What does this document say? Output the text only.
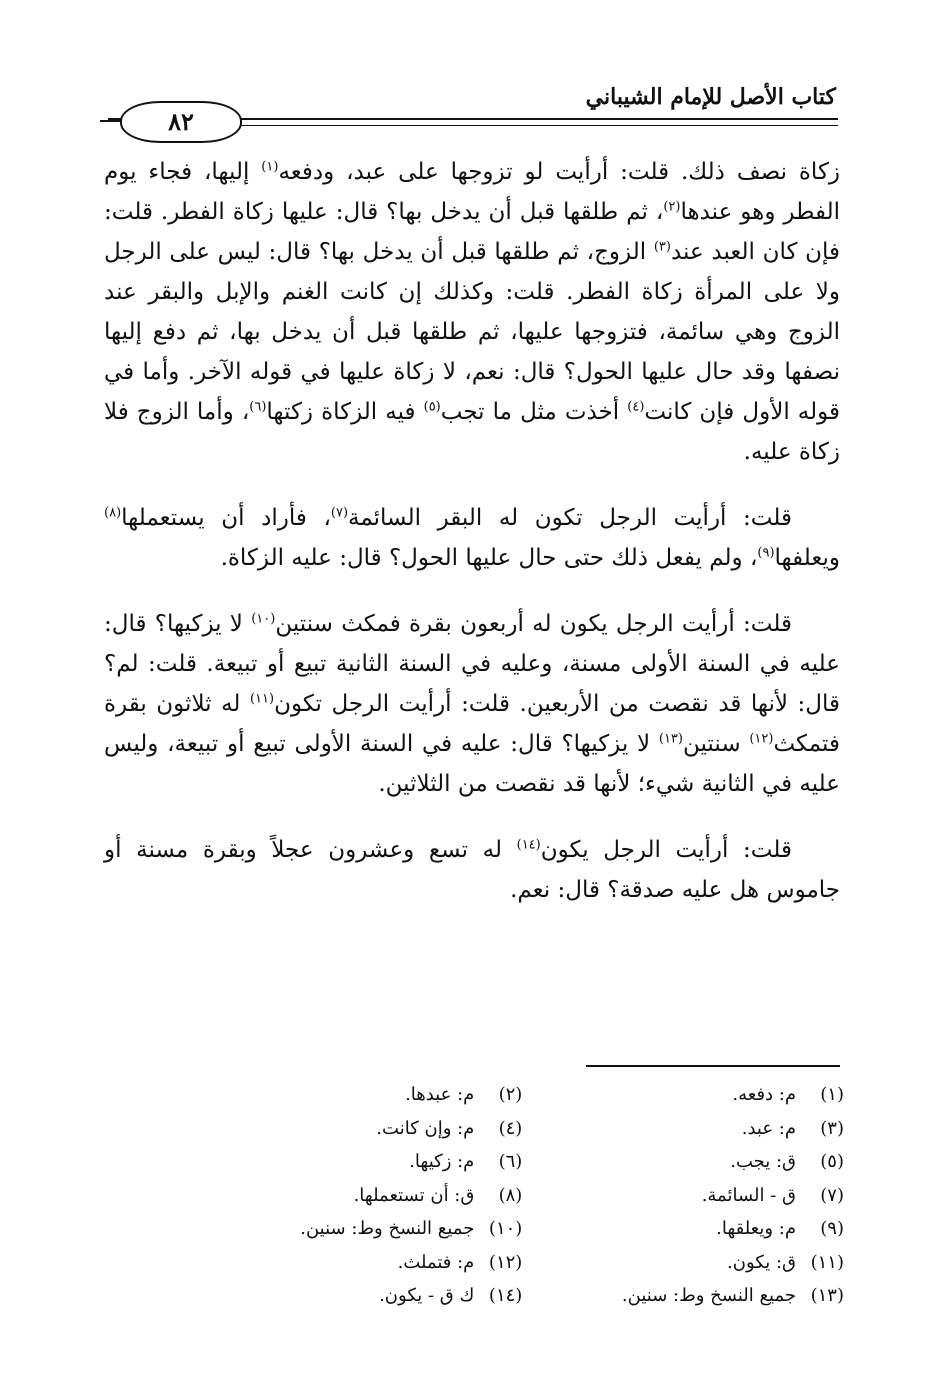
كتاب الأصل للإمام الشيباني
٨٢

زكاة نصف ذلك. قلت: أرأيت لو تزوجها على عبد، ودفعه$^{(١)}$ إليها، فجاء يوم الفطر وهو عندها$^{(٢)}$، ثم طلقها قبل أن يدخل بها؟ قال: عليها زكاة الفطر. قلت: فإن كان العبد عند$^{(٣)}$ الزوج، ثم طلقها قبل أن يدخل بها؟ قال: ليس على الرجل ولا على المرأة زكاة الفطر. قلت: وكذلك إن كانت الغنم والإبل والبقر عند الزوج وهي سائمة، فتزوجها عليها، ثم طلقها قبل أن يدخل بها، ثم دفع إليها نصفها وقد حال عليها الحول؟ قال: نعم، لا زكاة عليها في قوله الآخر. وأما في قوله الأول فإن كانت$^{(٤)}$ أخذت مثل ما تجب$^{(٥)}$ فيه الزكاة زكتها$^{(٦)}$، وأما الزوج فلا زكاة عليه.

قلت: أرأيت الرجل تكون له البقر السائمة$^{(٧)}$، فأراد أن يستعملها$^{(٨)}$ ويعلفها$^{(٩)}$، ولم يفعل ذلك حتى حال عليها الحول؟ قال: عليه الزكاة.

قلت: أرأيت الرجل يكون له أربعون بقرة فمكث سنتين$^{(١٠)}$ لا يزكيها؟ قال: عليه في السنة الأولى مسنة، وعليه في السنة الثانية تبيع أو تبيعة. قلت: لم؟ قال: لأنها قد نقصت من الأربعين. قلت: أرأيت الرجل تكون$^{(١١)}$ له ثلاثون بقرة فتمكث$^{(١٢)}$ سنتين$^{(١٣)}$ لا يزكيها؟ قال: عليه في السنة الأولى تبيع أو تبيعة، وليس عليه في الثانية شيء؛ لأنها قد نقصت من الثلاثين.

قلت: أرأيت الرجل يكون$^{(١٤)}$ له تسع وعشرون عجلاً وبقرة مسنة أو جاموس هل عليه صدقة؟ قال: نعم.

(١)
م: دفعه.
(٢)
م: عبدها.
(٣)
م: عبد.
(٤)
م: وإن كانت.
(٥)
ق: يجب.
(٦)
م: زكيها.
(٧)
ق - السائمة.
(٨)
ق: أن تستعملها.
(٩)
م: ويعلقها.
(١٠)
جميع النسخ وط: سنين.
(١١)
ق: يكون.
(١٢)
م: فتملث.
(١٣)
جميع النسخ وط: سنين.
(١٤)
ك ق - يكون.
